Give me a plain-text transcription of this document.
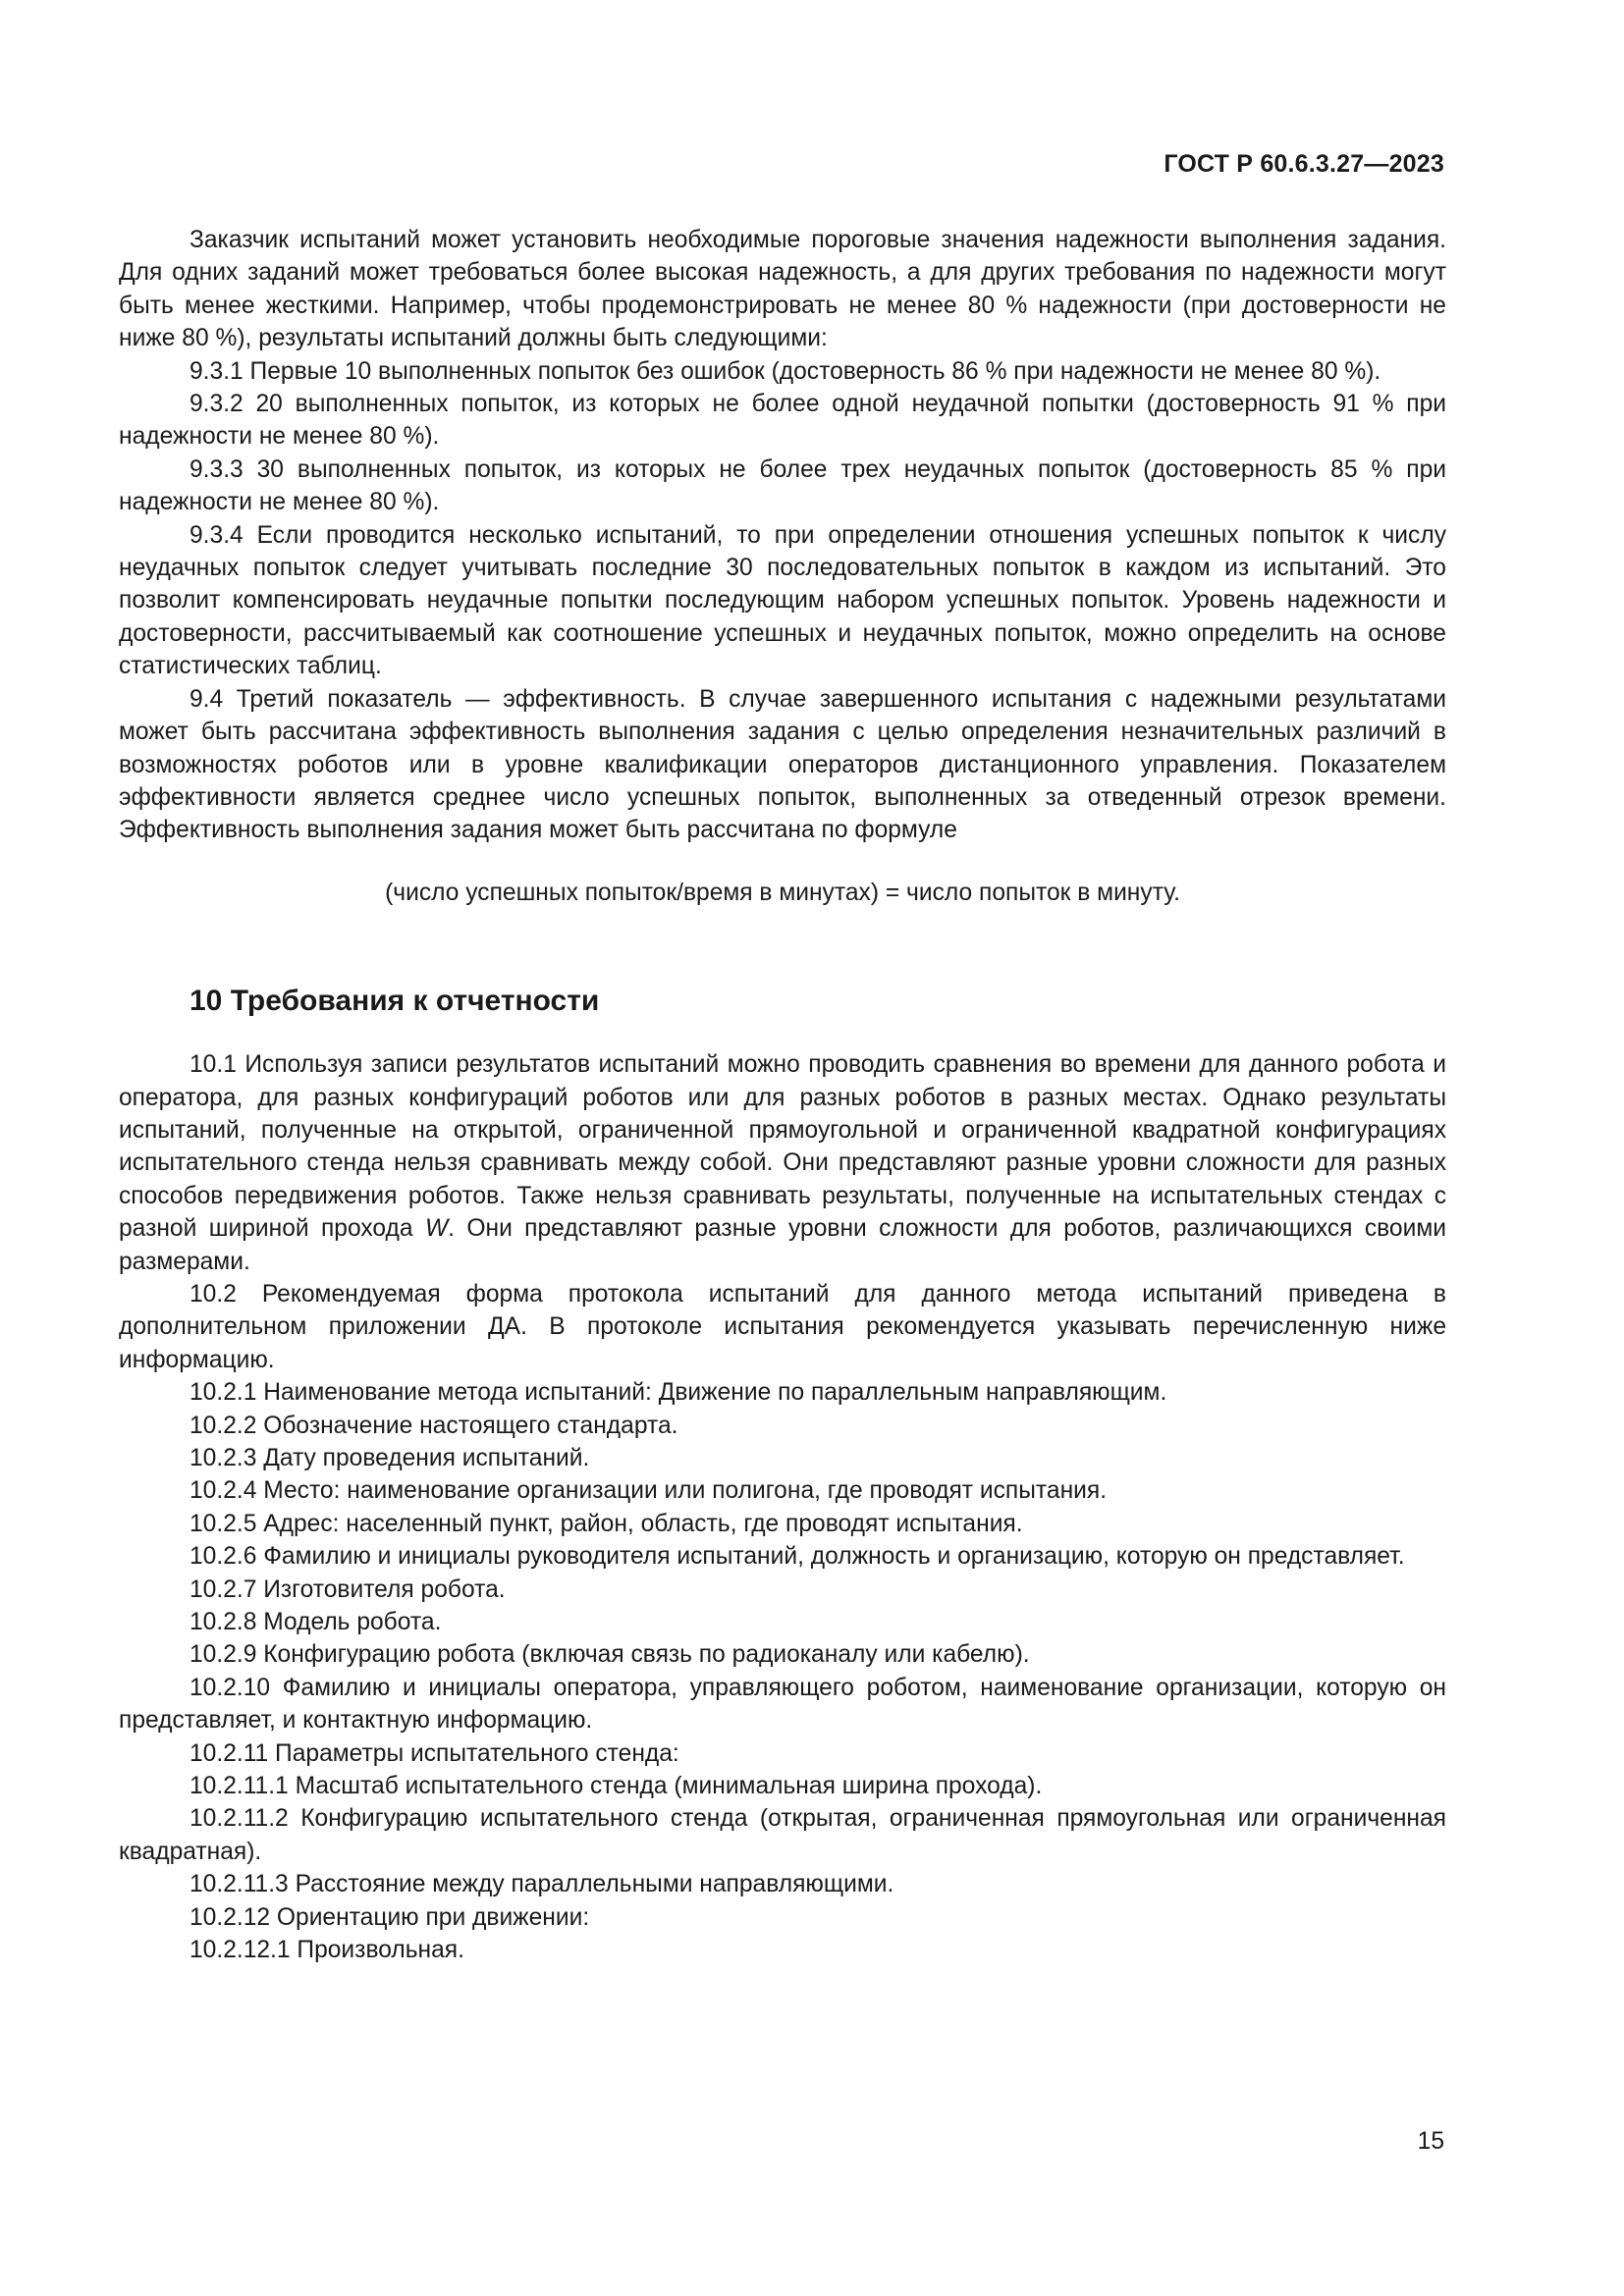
ГОСТ Р 60.6.3.27—2023

Заказчик испытаний может установить необходимые пороговые значения надежности выполнения задания. Для одних заданий может требоваться более высокая надежность, а для других требования по надежности могут быть менее жесткими. Например, чтобы продемонстрировать не менее 80 % надежности (при достоверности не ниже 80 %), результаты испытаний должны быть следующими:

9.3.1 Первые 10 выполненных попыток без ошибок (достоверность 86 % при надежности не менее 80 %).

9.3.2 20 выполненных попыток, из которых не более одной неудачной попытки (достоверность 91 % при надежности не менее 80 %).

9.3.3 30 выполненных попыток, из которых не более трех неудачных попыток (достоверность 85 % при надежности не менее 80 %).

9.3.4 Если проводится несколько испытаний, то при определении отношения успешных попыток к числу неудачных попыток следует учитывать последние 30 последовательных попыток в каждом из испытаний. Это позволит компенсировать неудачные попытки последующим набором успешных попыток. Уровень надежности и достоверности, рассчитываемый как соотношение успешных и неудачных попыток, можно определить на основе статистических таблиц.

9.4 Третий показатель — эффективность. В случае завершенного испытания с надежными результатами может быть рассчитана эффективность выполнения задания с целью определения незначительных различий в возможностях роботов или в уровне квалификации операторов дистанционного управления. Показателем эффективности является среднее число успешных попыток, выполненных за отведенный отрезок времени. Эффективность выполнения задания может быть рассчитана по формуле

(число успешных попыток/время в минутах) = число попыток в минуту.

10 Требования к отчетности

10.1 Используя записи результатов испытаний можно проводить сравнения во времени для данного робота и оператора, для разных конфигураций роботов или для разных роботов в разных местах. Однако результаты испытаний, полученные на открытой, ограниченной прямоугольной и ограниченной квадратной конфигурациях испытательного стенда нельзя сравнивать между собой. Они представляют разные уровни сложности для разных способов передвижения роботов. Также нельзя сравнивать результаты, полученные на испытательных стендах с разной шириной прохода W. Они представляют разные уровни сложности для роботов, различающихся своими размерами.

10.2 Рекомендуемая форма протокола испытаний для данного метода испытаний приведена в дополнительном приложении ДА. В протоколе испытания рекомендуется указывать перечисленную ниже информацию.

10.2.1 Наименование метода испытаний: Движение по параллельным направляющим.

10.2.2 Обозначение настоящего стандарта.

10.2.3 Дату проведения испытаний.

10.2.4 Место: наименование организации или полигона, где проводят испытания.

10.2.5 Адрес: населенный пункт, район, область, где проводят испытания.

10.2.6 Фамилию и инициалы руководителя испытаний, должность и организацию, которую он представляет.

10.2.7 Изготовителя робота.

10.2.8 Модель робота.

10.2.9 Конфигурацию робота (включая связь по радиоканалу или кабелю).

10.2.10 Фамилию и инициалы оператора, управляющего роботом, наименование организации, которую он представляет, и контактную информацию.

10.2.11 Параметры испытательного стенда:

10.2.11.1 Масштаб испытательного стенда (минимальная ширина прохода).

10.2.11.2 Конфигурацию испытательного стенда (открытая, ограниченная прямоугольная или ограниченная квадратная).

10.2.11.3 Расстояние между параллельными направляющими.

10.2.12 Ориентацию при движении:

10.2.12.1 Произвольная.

15
